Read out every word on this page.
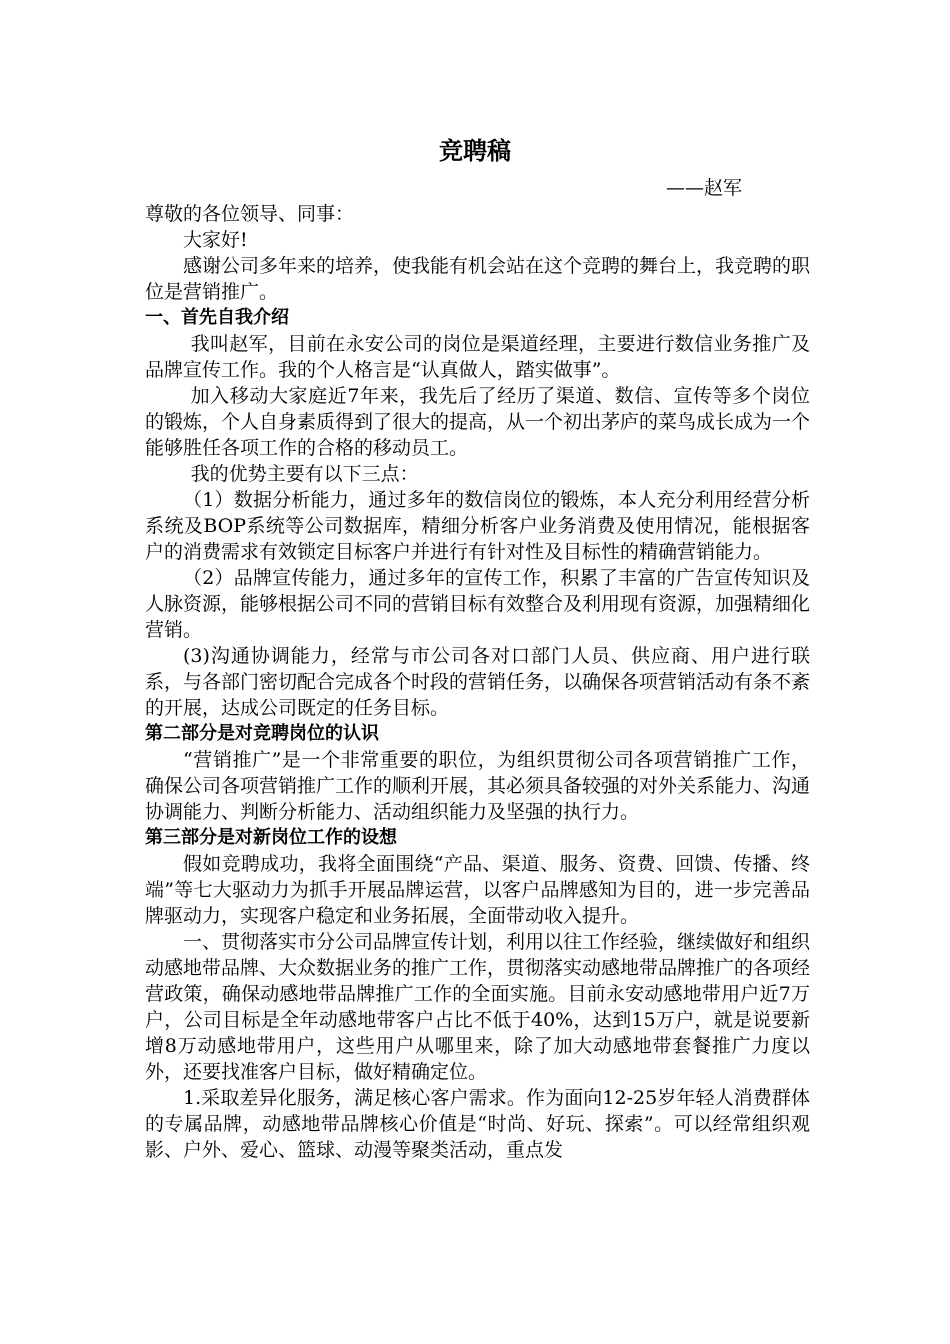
竞聘稿
——赵军

尊敬的各位领导、同事：

大家好!

感谢公司多年来的培养，使我能有机会站在这个竞聘的舞台上，我竞聘的职位是营销推广。

一、首先自我介绍

我叫赵军，目前在永安公司的岗位是渠道经理，主要进行数信业务推广及品牌宣传工作。我的个人格言是“认真做人，踏实做事”。

加入移动大家庭近7年来，我先后了经历了渠道、数信、宣传等多个岗位的锻炼，个人自身素质得到了很大的提高，从一个初出茅庐的菜鸟成长成为一个能够胜任各项工作的合格的移动员工。

我的优势主要有以下三点：

（1）数据分析能力，通过多年的数信岗位的锻炼，本人充分利用经营分析系统及BOP系统等公司数据库，精细分析客户业务消费及使用情况，能根据客户的消费需求有效锁定目标客户并进行有针对性及目标性的精确营销能力。

（2）品牌宣传能力，通过多年的宣传工作，积累了丰富的广告宣传知识及人脉资源，能够根据公司不同的营销目标有效整合及利用现有资源，加强精细化营销。

(3)沟通协调能力，经常与市公司各对口部门人员、供应商、用户进行联系，与各部门密切配合完成各个时段的营销任务，以确保各项营销活动有条不紊的开展，达成公司既定的任务目标。

第二部分是对竞聘岗位的认识

“营销推广”是一个非常重要的职位，为组织贯彻公司各项营销推广工作，确保公司各项营销推广工作的顺利开展，其必须具备较强的对外关系能力、沟通协调能力、判断分析能力、活动组织能力及坚强的执行力。

第三部分是对新岗位工作的设想

假如竞聘成功，我将全面围绕“产品、渠道、服务、资费、回馈、传播、终端”等七大驱动力为抓手开展品牌运营，以客户品牌感知为目的，进一步完善品牌驱动力，实现客户稳定和业务拓展，全面带动收入提升。

一、贯彻落实市分公司品牌宣传计划，利用以往工作经验，继续做好和组织动感地带品牌、大众数据业务的推广工作，贯彻落实动感地带品牌推广的各项经营政策，确保动感地带品牌推广工作的全面实施。目前永安动感地带用户近7万户，公司目标是全年动感地带客户占比不低于40%，达到15万户，就是说要新增8万动感地带用户，这些用户从哪里来，除了加大动感地带套餐推广力度以外，还要找准客户目标，做好精确定位。

1.采取差异化服务，满足核心客户需求。作为面向12-25岁年轻人消费群体的专属品牌，动感地带品牌核心价值是“时尚、好玩、探索”。可以经常组织观影、户外、爱心、篮球、动漫等聚类活动，重点发
